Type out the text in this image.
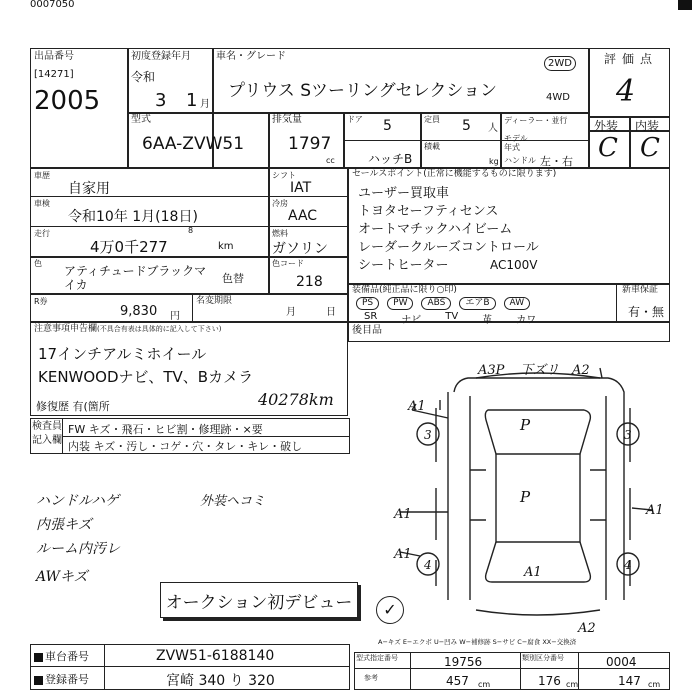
0007050
出品番号
[14271]
2005
初度登録年月
令和
3 1 月
車名・グレード
プリウス Sツーリングセレクション
2WD
4WD
型式
6AA-ZVW51
排気量
1797
cc
ドア 5	定員 5 人
ディーラー・並行
ハッチB
積載
kg
モデル年式
ハンドル 左・右
評価点
4
外装 内装
C C
車歴
自家用
車検
令和10年 1月(18日)
走行
4万0千277
8
km
シフト
IAT
冷房
AAC
燃料
ガソリン
色
アティチュードブラックマイカ	色替
色コード
218
セールスポイント(正常に機能するものに限ります)
ユーザー買取車
トヨタセーフティセンス
オートマチックハイビーム
レーダークルーズコントロール
シートヒーター	AC100V
R券
9,830 円
名変期限
月	日
装備品(純正品に限り○印)
PS	PW	ABS	エアB	AW
SR ナビ TV 革 カワ
新車保証
有・無
後目品
注意事項申告欄(不具合有表は具体的に記入して下さい)
17インチアルミホイール
KENWOODナビ、TV、Bカメラ
修復歴 有(箇所	40278km
検査員
記入欄
FW キズ・飛石・ヒビ割・修理跡・×要
内装 キズ・汚し・コゲ・穴・タレ・キレ・破し
ハンドルハゲ
内張キズ
ルーム内汚レ
AWキズ
外装ヘコミ
オークション初デビュー	✓
A3P 下ズリ A2
A1
3
P
3
P
A1	A1
A1
4	A1	4
A2
A−キズ E−エクボ U−凹み W−補修跡 S−サビ C−腐食 XX−交換済
車台番号	ZVW51-6188140
登録番号	宮崎 340 り 320
型式指定番号	19756	類別区分番号	0004
参考	457 cm	176 cm	147 cm
